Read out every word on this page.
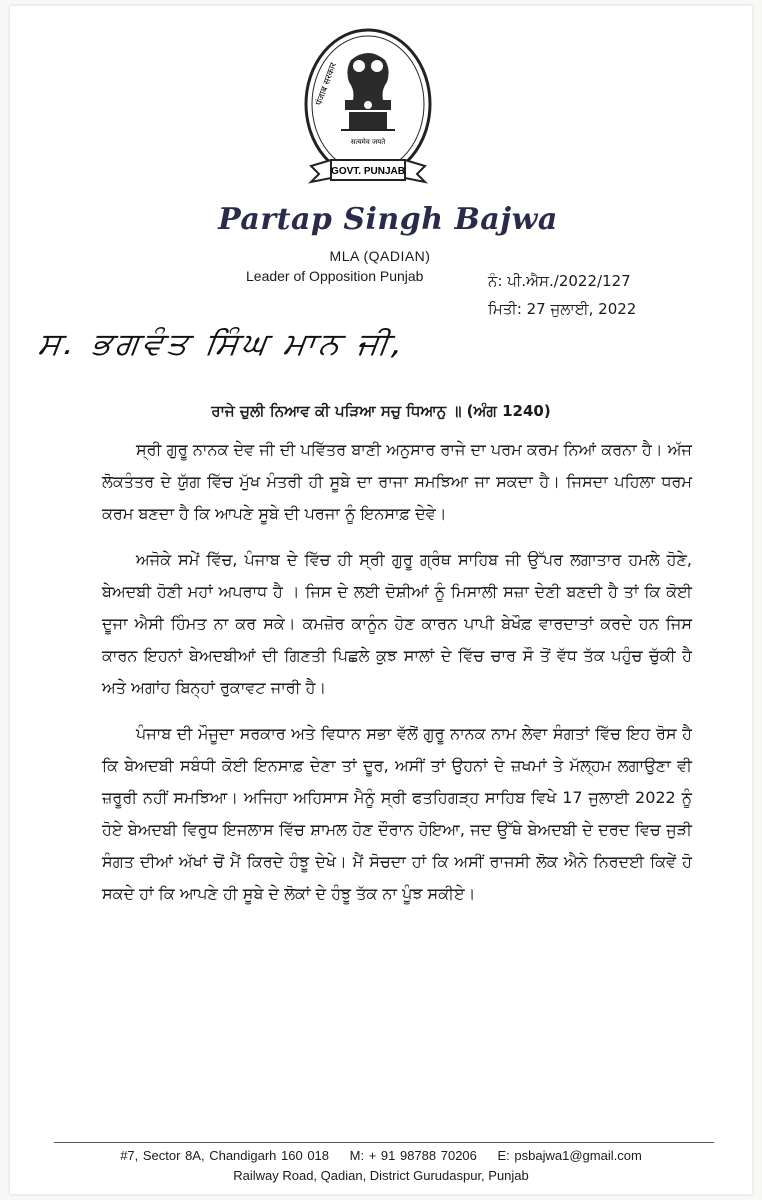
सत्यमेव जयते
पंजाब सरकार
GOVT. PUNJAB
Partap Singh Bajwa
MLA (QADIAN)
Leader of Opposition Punjab	ਨੰ: ਪੀ.ਐਸ./2022/127
ਮਿਤੀ: 27 ਜੁਲਾਈ, 2022
ਸ. ਭਗਵੰਤ ਸਿੰਘ ਮਾਨ ਜੀ,
ਰਾਜੇ ਚੁਲੀ ਨਿਆਵ ਕੀ ਪੜਿਆ ਸਚੁ ਧਿਆਨੁ ॥ (ਅੰਗ 1240)

ਸ੍ਰੀ ਗੁਰੂ ਨਾਨਕ ਦੇਵ ਜੀ ਦੀ ਪਵਿੱਤਰ ਬਾਣੀ ਅਨੁਸਾਰ ਰਾਜੇ ਦਾ ਪਰਮ ਕਰਮ ਨਿਆਂ ਕਰਨਾ ਹੈ। ਅੱਜ ਲੋਕਤੰਤਰ ਦੇ ਯੁੱਗ ਵਿੱਚ ਮੁੱਖ ਮੰਤਰੀ ਹੀ ਸੂਬੇ ਦਾ ਰਾਜਾ ਸਮਝਿਆ ਜਾ ਸਕਦਾ ਹੈ। ਜਿਸਦਾ ਪਹਿਲਾ ਧਰਮ ਕਰਮ ਬਣਦਾ ਹੈ ਕਿ ਆਪਣੇ ਸੂਬੇ ਦੀ ਪਰਜਾ ਨੂੰ ਇਨਸਾਫ਼ ਦੇਵੇ।

ਅਜੋਕੇ ਸਮੇਂ ਵਿੱਚ, ਪੰਜਾਬ ਦੇ ਵਿੱਚ ਹੀ ਸ੍ਰੀ ਗੁਰੂ ਗ੍ਰੰਥ ਸਾਹਿਬ ਜੀ ਉੱਪਰ ਲਗਾਤਾਰ ਹਮਲੇ ਹੋਣੇ, ਬੇਅਦਬੀ ਹੋਣੀ ਮਹਾਂ ਅਪਰਾਧ ਹੈ । ਜਿਸ ਦੇ ਲਈ ਦੋਸ਼ੀਆਂ ਨੂੰ ਮਿਸਾਲੀ ਸਜ਼ਾ ਦੇਣੀ ਬਣਦੀ ਹੈ ਤਾਂ ਕਿ ਕੋਈ ਦੂਜਾ ਐਸੀ ਹਿੰਮਤ ਨਾ ਕਰ ਸਕੇ। ਕਮਜ਼ੋਰ ਕਾਨੂੰਨ ਹੋਣ ਕਾਰਨ ਪਾਪੀ ਬੇਖੌਫ਼ ਵਾਰਦਾਤਾਂ ਕਰਦੇ ਹਨ ਜਿਸ ਕਾਰਨ ਇਹਨਾਂ ਬੇਅਦਬੀਆਂ ਦੀ ਗਿਣਤੀ ਪਿਛਲੇ ਕੁਝ ਸਾਲਾਂ ਦੇ ਵਿੱਚ ਚਾਰ ਸੌ ਤੋਂ ਵੱਧ ਤੱਕ ਪਹੁੰਚ ਚੁੱਕੀ ਹੈ ਅਤੇ ਅਗਾਂਹ ਬਿਨ੍ਹਾਂ ਰੁਕਾਵਟ ਜਾਰੀ ਹੈ।

ਪੰਜਾਬ ਦੀ ਮੌਜੂਦਾ ਸਰਕਾਰ ਅਤੇ ਵਿਧਾਨ ਸਭਾ ਵੱਲੋਂ ਗੁਰੂ ਨਾਨਕ ਨਾਮ ਲੇਵਾ ਸੰਗਤਾਂ ਵਿੱਚ ਇਹ ਰੋਸ ਹੈ ਕਿ ਬੇਅਦਬੀ ਸਬੰਧੀ ਕੋਈ ਇਨਸਾਫ਼ ਦੇਣਾ ਤਾਂ ਦੂਰ, ਅਸੀਂ ਤਾਂ ਉਹਨਾਂ ਦੇ ਜ਼ਖਮਾਂ ਤੇ ਮੱਲ੍ਹਮ ਲਗਾਉਣਾ ਵੀ ਜ਼ਰੂਰੀ ਨਹੀਂ ਸਮਝਿਆ। ਅਜਿਹਾ ਅਹਿਸਾਸ ਮੈਨੂੰ ਸ੍ਰੀ ਫਤਹਿਗੜ੍ਹ ਸਾਹਿਬ ਵਿਖੇ 17 ਜੁਲਾਈ 2022 ਨੂੰ ਹੋਏ ਬੇਅਦਬੀ ਵਿਰੁਧ ਇਜਲਾਸ ਵਿੱਚ ਸ਼ਾਮਲ ਹੋਣ ਦੌਰਾਨ ਹੋਇਆ, ਜਦ ਉੱਥੇ ਬੇਅਦਬੀ ਦੇ ਦਰਦ ਵਿਚ ਜੁੜੀ ਸੰਗਤ ਦੀਆਂ ਅੱਖਾਂ ਚੋਂ ਮੈਂ ਕਿਰਦੇ ਹੰਝੂ ਦੇਖੇ। ਮੈਂ ਸੋਚਦਾ ਹਾਂ ਕਿ ਅਸੀਂ ਰਾਜਸੀ ਲੋਕ ਐਨੇ ਨਿਰਦਈ ਕਿਵੇਂ ਹੋ ਸਕਦੇ ਹਾਂ ਕਿ ਆਪਣੇ ਹੀ ਸੂਬੇ ਦੇ ਲੋਕਾਂ ਦੇ ਹੰਝੂ ਤੱਕ ਨਾ ਪੂੰਝ ਸਕੀਏ।

#7, Sector 8A, Chandigarh 160 018 M: + 91 98788 70206 E: psbajwa1@gmail.com
Railway Road, Qadian, District Gurudaspur, Punjab
